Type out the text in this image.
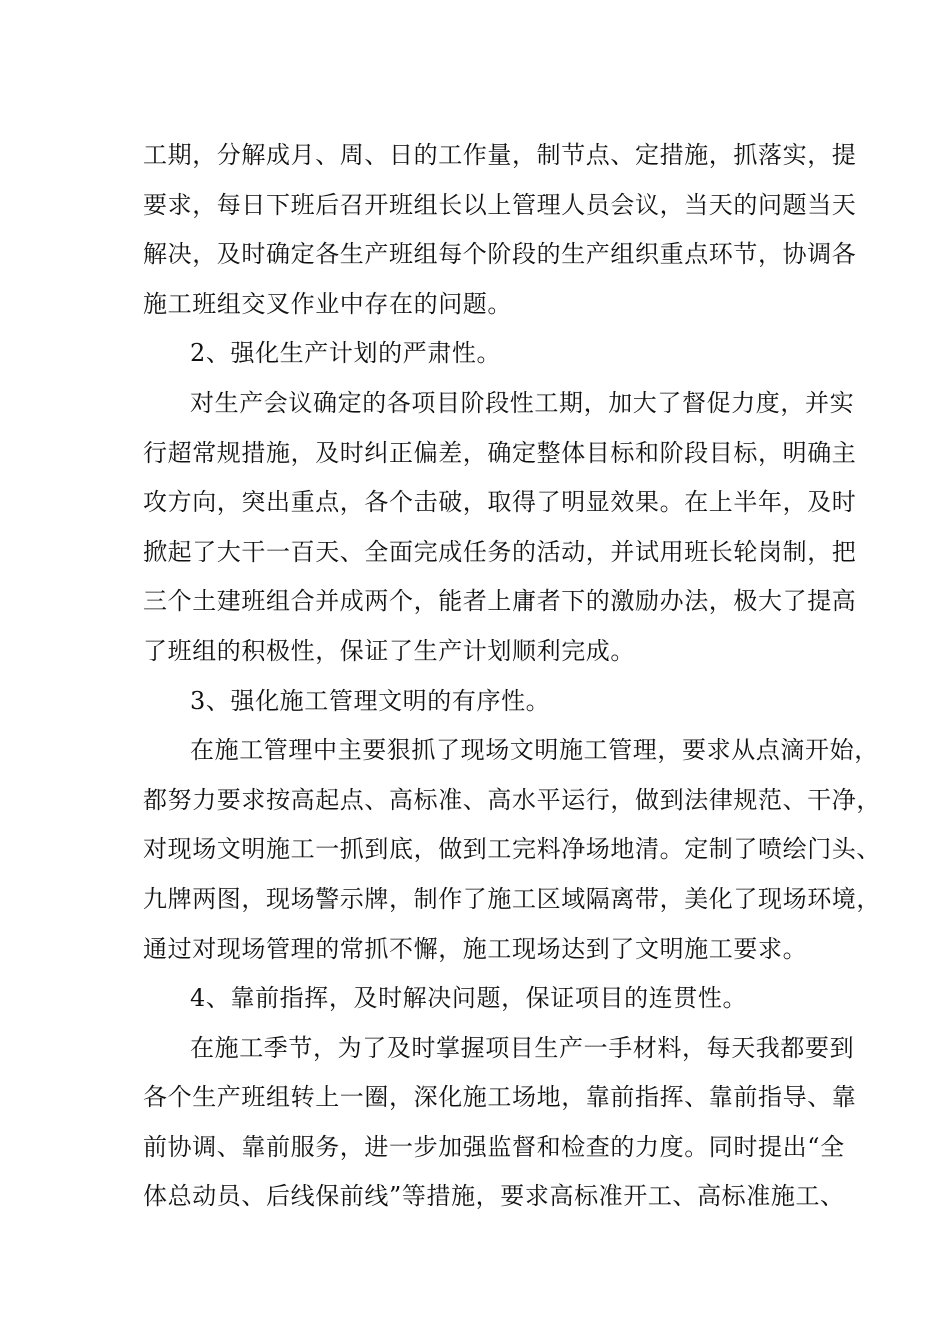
工期，分解成月、周、日的工作量，制节点、定措施，抓落实，提
要求，每日下班后召开班组长以上管理人员会议，当天的问题当天
解决，及时确定各生产班组每个阶段的生产组织重点环节，协调各
施工班组交叉作业中存在的问题。
2、强化生产计划的严肃性。
对生产会议确定的各项目阶段性工期，加大了督促力度，并实
行超常规措施，及时纠正偏差，确定整体目标和阶段目标，明确主
攻方向，突出重点，各个击破，取得了明显效果。在上半年，及时
掀起了大干一百天、全面完成任务的活动，并试用班长轮岗制，把
三个土建班组合并成两个，能者上庸者下的激励办法，极大了提高
了班组的积极性，保证了生产计划顺利完成。
3、强化施工管理文明的有序性。
在施工管理中主要狠抓了现场文明施工管理，要求从点滴开始，
都努力要求按高起点、高标准、高水平运行，做到法律规范、干净，
对现场文明施工一抓到底，做到工完料净场地清。定制了喷绘门头、
九牌两图，现场警示牌，制作了施工区域隔离带，美化了现场环境，
通过对现场管理的常抓不懈，施工现场达到了文明施工要求。
4、靠前指挥，及时解决问题，保证项目的连贯性。
在施工季节，为了及时掌握项目生产一手材料，每天我都要到
各个生产班组转上一圈，深化施工场地，靠前指挥、靠前指导、靠
前协调、靠前服务，进一步加强监督和检查的力度。同时提出“全
体总动员、后线保前线”等措施，要求高标准开工、高标准施工、
